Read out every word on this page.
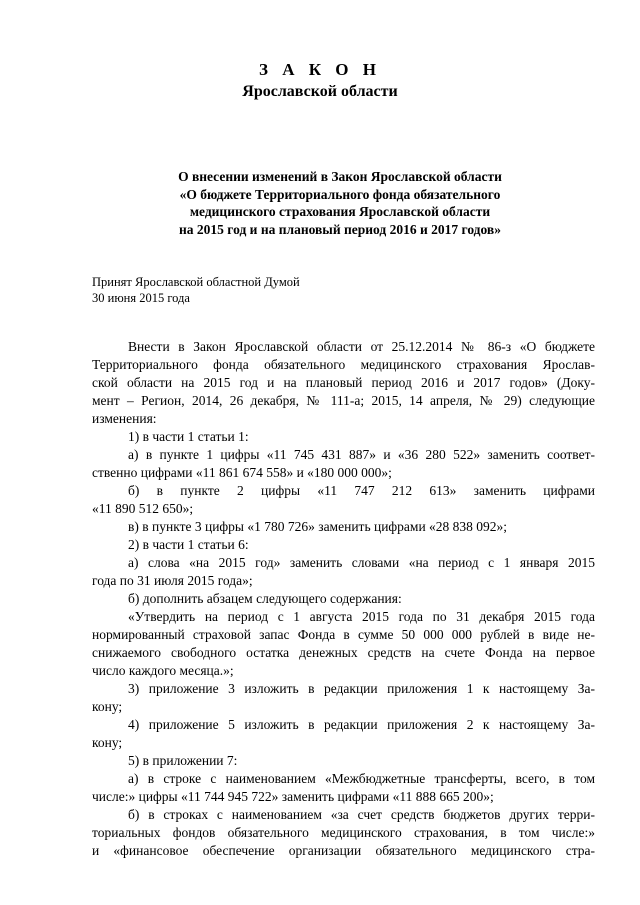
З А К О Н
Ярославской области
О внесении изменений в Закон Ярославской области
«О бюджете Территориального фонда обязательного
медицинского страхования Ярославской области
на 2015 год и на плановый период 2016 и 2017 годов»
Принят Ярославской областной Думой
30 июня 2015 года
Внести в Закон Ярославской области от 25.12.2014 № 86-з «О бюджете
Территориального фонда обязательного медицинского страхования Ярослав-
ской области на 2015 год и на плановый период 2016 и 2017 годов» (Доку-
мент – Регион, 2014, 26 декабря, № 111-а; 2015, 14 апреля, № 29) следующие
изменения:
1) в части 1 статьи 1:
а) в пункте 1 цифры «11 745 431 887» и «36 280 522» заменить соответ-
ственно цифрами «11 861 674 558» и «180 000 000»;
б) в пункте 2 цифры «11 747 212 613» заменить цифрами
«11 890 512 650»;
в) в пункте 3 цифры «1 780 726» заменить цифрами «28 838 092»;
2) в части 1 статьи 6:
а) слова «на 2015 год» заменить словами «на период с 1 января 2015
года по 31 июля 2015 года»;
б) дополнить абзацем следующего содержания:
«Утвердить на период с 1 августа 2015 года по 31 декабря 2015 года
нормированный страховой запас Фонда в сумме 50 000 000 рублей в виде не-
снижаемого свободного остатка денежных средств на счете Фонда на первое
число каждого месяца.»;
3) приложение 3 изложить в редакции приложения 1 к настоящему За-
кону;
4) приложение 5 изложить в редакции приложения 2 к настоящему За-
кону;
5) в приложении 7:
а) в строке с наименованием «Межбюджетные трансферты, всего, в том
числе:» цифры «11 744 945 722» заменить цифрами «11 888 665 200»;
б) в строках с наименованием «за счет средств бюджетов других терри-
ториальных фондов обязательного медицинского страхования, в том числе:»
и «финансовое обеспечение организации обязательного медицинского стра-
